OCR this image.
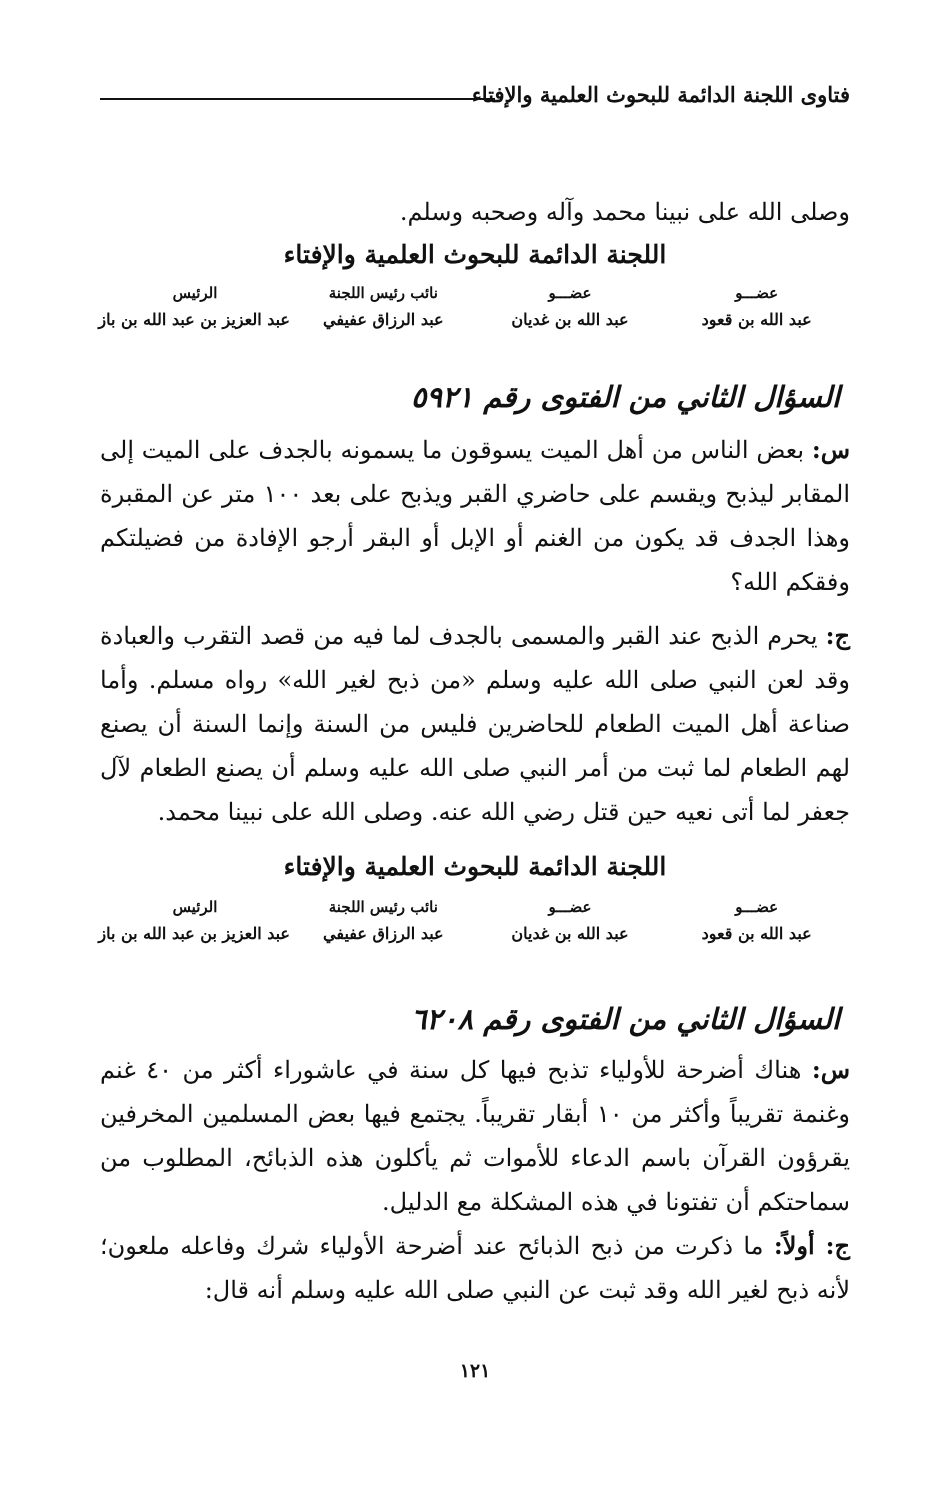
فتاوى اللجنة الدائمة للبحوث العلمية والإفتاء

وصلى الله على نبينا محمد وآله وصحبه وسلم.

اللجنة الدائمة للبحوث العلمية والإفتاء
عضـــو
عبد الله بن قعود
عضـــو
عبد الله بن غديان
نائب رئيس اللجنة
عبد الرزاق عفيفي
الرئيس
عبد العزيز بن عبد الله بن باز
السؤال الثاني من الفتوى رقم ٥٩٢١

س: بعض الناس من أهل الميت يسوقون ما يسمونه بالجدف على الميت إلى المقابر ليذبح ويقسم على حاضري القبر ويذبح على بعد ١٠٠ متر عن المقبرة وهذا الجدف قد يكون من الغنم أو الإبل أو البقر أرجو الإفادة من فضيلتكم وفقكم الله؟

ج: يحرم الذبح عند القبر والمسمى بالجدف لما فيه من قصد التقرب والعبادة وقد لعن النبي صلى الله عليه وسلم «من ذبح لغير الله» رواه مسلم. وأما صناعة أهل الميت الطعام للحاضرين فليس من السنة وإنما السنة أن يصنع لهم الطعام لما ثبت من أمر النبي صلى الله عليه وسلم أن يصنع الطعام لآل جعفر لما أتى نعيه حين قتل رضي الله عنه. وصلى الله على نبينا محمد.

اللجنة الدائمة للبحوث العلمية والإفتاء
عضـــو
عبد الله بن قعود
عضـــو
عبد الله بن غديان
نائب رئيس اللجنة
عبد الرزاق عفيفي
الرئيس
عبد العزيز بن عبد الله بن باز
السؤال الثاني من الفتوى رقم ٦٢٠٨

س: هناك أضرحة للأولياء تذبح فيها كل سنة في عاشوراء أكثر من ٤٠ غنم وغنمة تقريباً وأكثر من ١٠ أبقار تقريباً. يجتمع فيها بعض المسلمين المخرفين يقرؤون القرآن باسم الدعاء للأموات ثم يأكلون هذه الذبائح، المطلوب من سماحتكم أن تفتونا في هذه المشكلة مع الدليل.

ج: أولاً: ما ذكرت من ذبح الذبائح عند أضرحة الأولياء شرك وفاعله ملعون؛ لأنه ذبح لغير الله وقد ثبت عن النبي صلى الله عليه وسلم أنه قال:

١٢١
